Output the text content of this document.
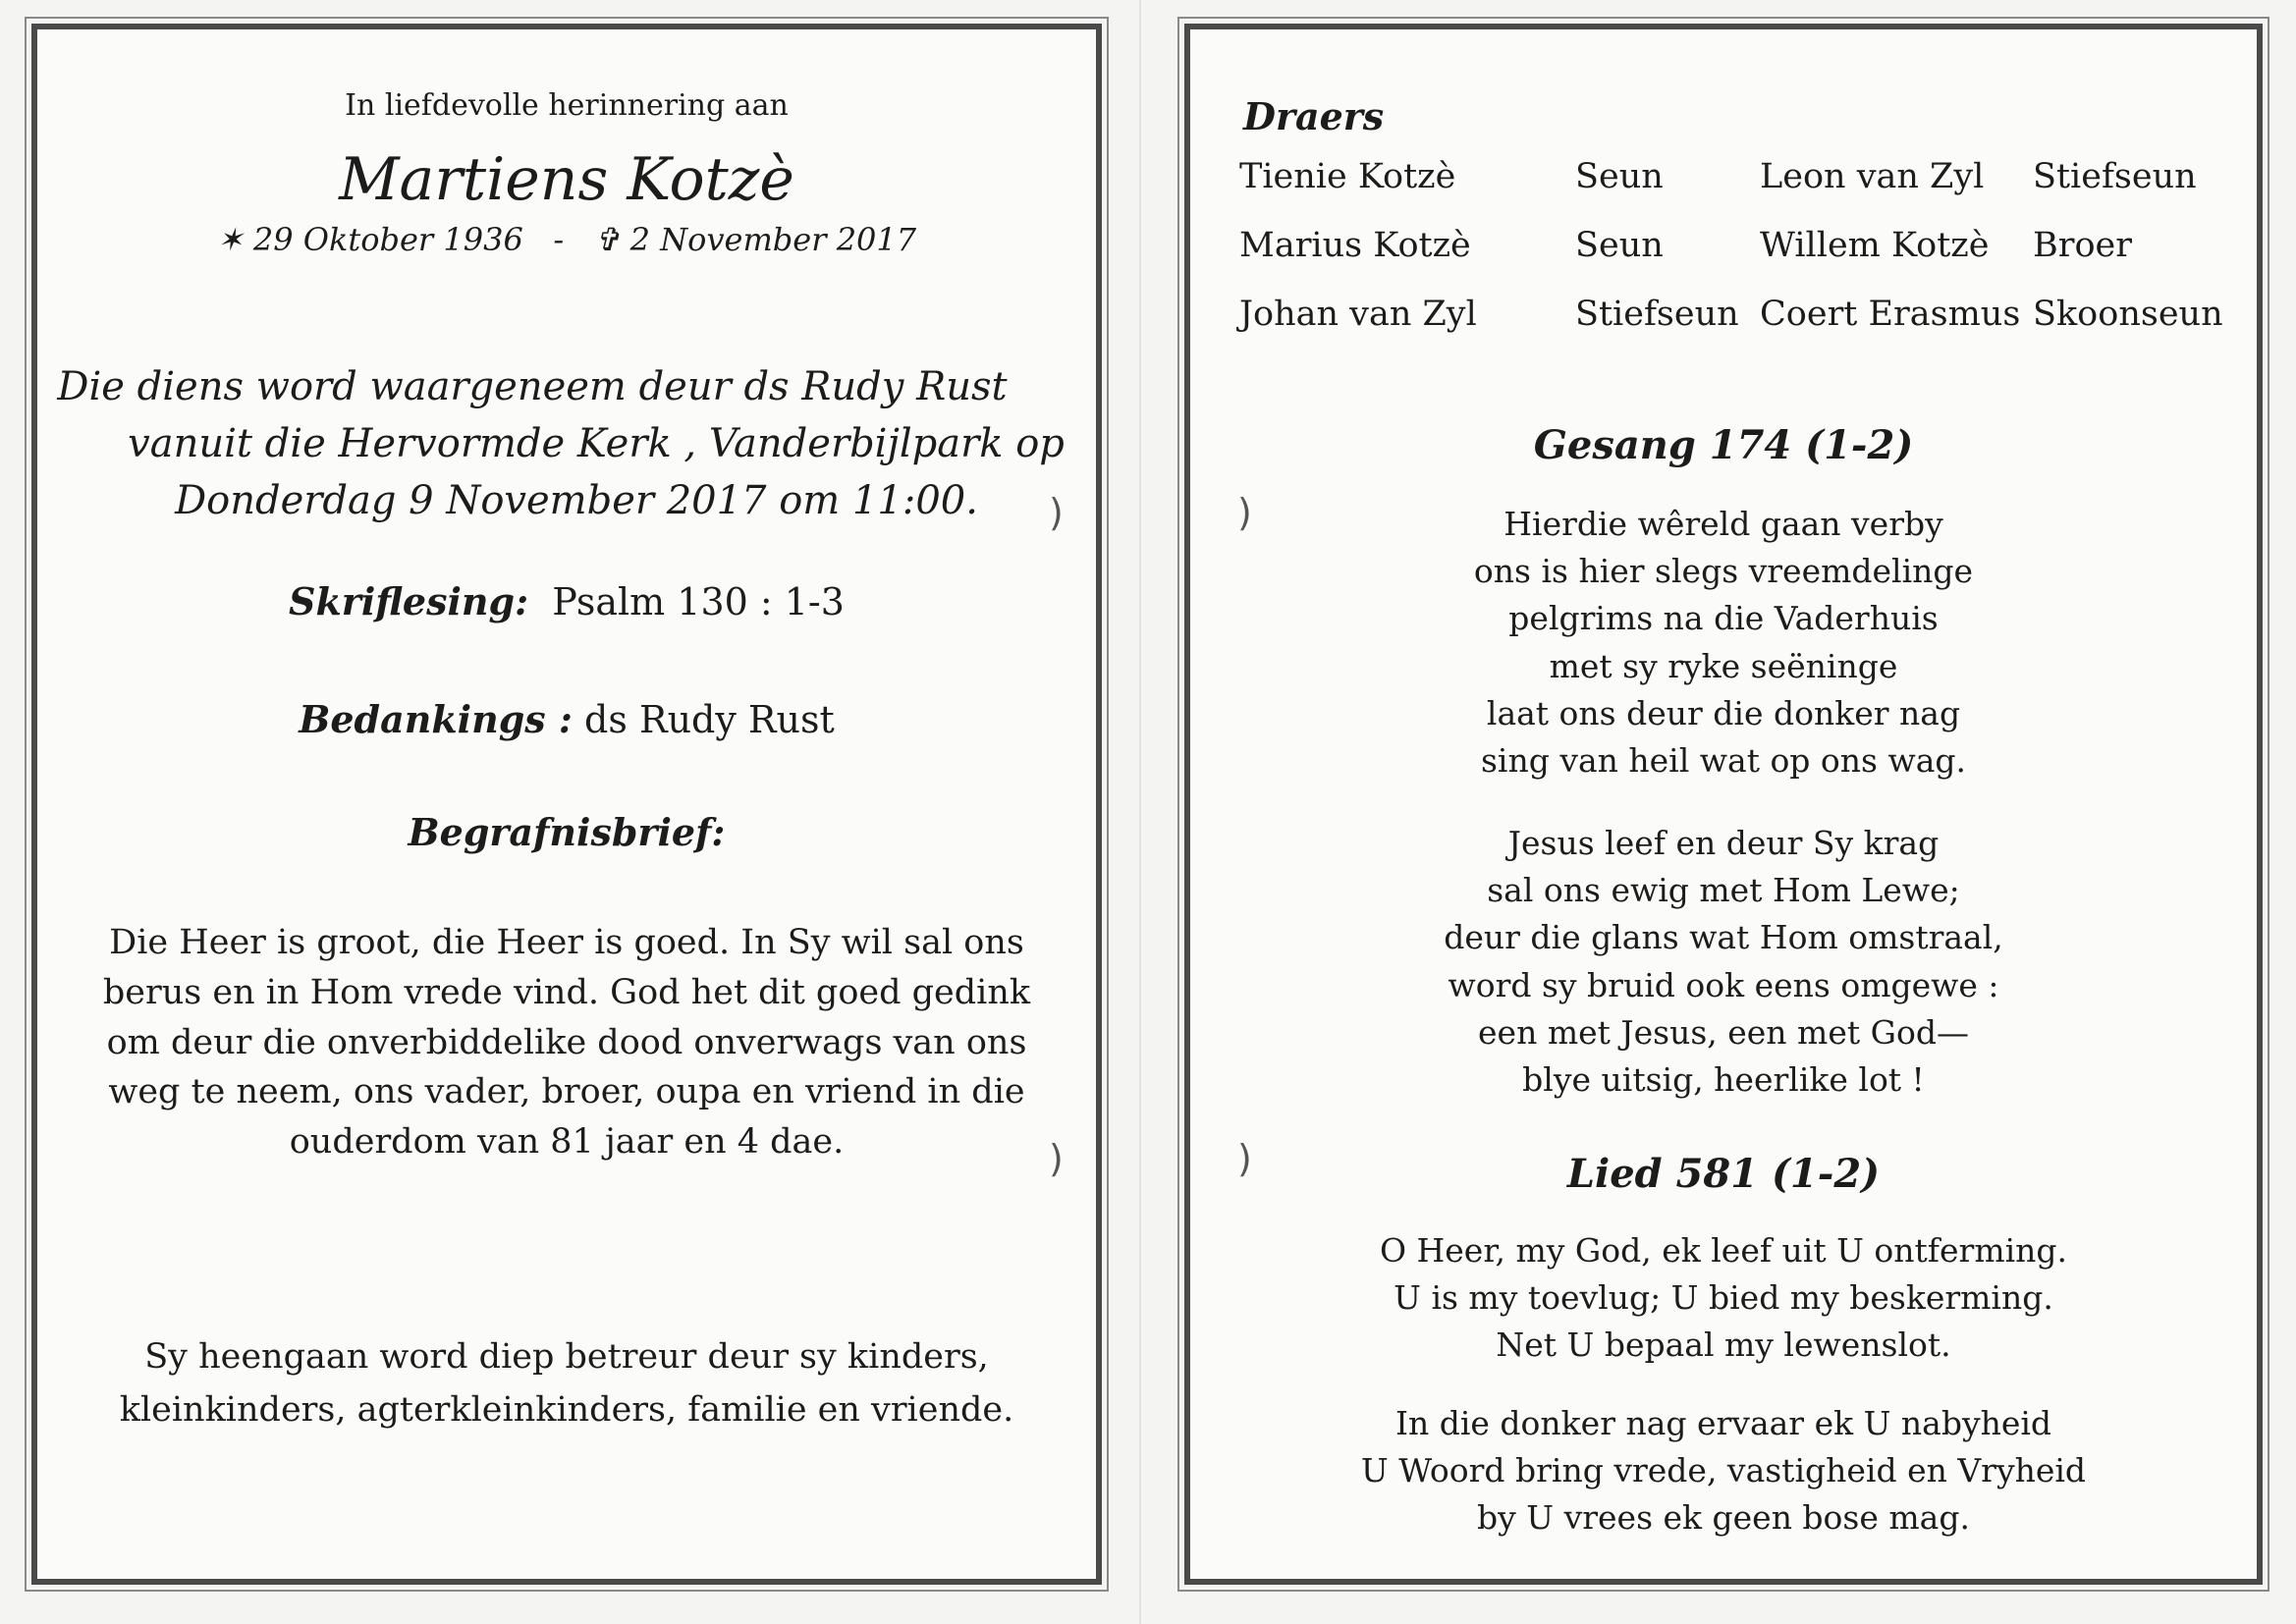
In liefdevolle herinnering aan
Martiens Kotzè
✶ 29 Oktober 1936 - ✞ 2 November 2017
Die diens word waargeneem deur ds Rudy Rust
vanuit die Hervormde Kerk , Vanderbijlpark op
Donderdag 9 November 2017 om 11:00.
Skriflesing: Psalm 130 : 1-3
Bedankings : ds Rudy Rust
Begrafnisbrief:
Die Heer is groot, die Heer is goed. In Sy wil sal ons
berus en in Hom vrede vind. God het dit goed gedink
om deur die onverbiddelike dood onverwags van ons
weg te neem, ons vader, broer, oupa en vriend in die
ouderdom van 81 jaar en 4 dae.
Sy heengaan word diep betreur deur sy kinders,
kleinkinders, agterkleinkinders, familie en vriende.
)
)
Draers
Tienie Kotzè	Seun	Leon van Zyl Stiefseun
Marius Kotzè	Seun	Willem Kotzè Broer
Johan van Zyl	Stiefseun Coert Erasmus Skoonseun
Gesang 174 (1-2)
Hierdie wêreld gaan verby
ons is hier slegs vreemdelinge
pelgrims na die Vaderhuis
met sy ryke seëninge
laat ons deur die donker nag
sing van heil wat op ons wag.
Jesus leef en deur Sy krag
sal ons ewig met Hom Lewe;
deur die glans wat Hom omstraal,
word sy bruid ook eens omgewe :
een met Jesus, een met God—
blye uitsig, heerlike lot !
Lied 581 (1-2)
O Heer, my God, ek leef uit U ontferming.
U is my toevlug; U bied my beskerming.
Net U bepaal my lewenslot.
In die donker nag ervaar ek U nabyheid
U Woord bring vrede, vastigheid en Vryheid
by U vrees ek geen bose mag.
)
)
